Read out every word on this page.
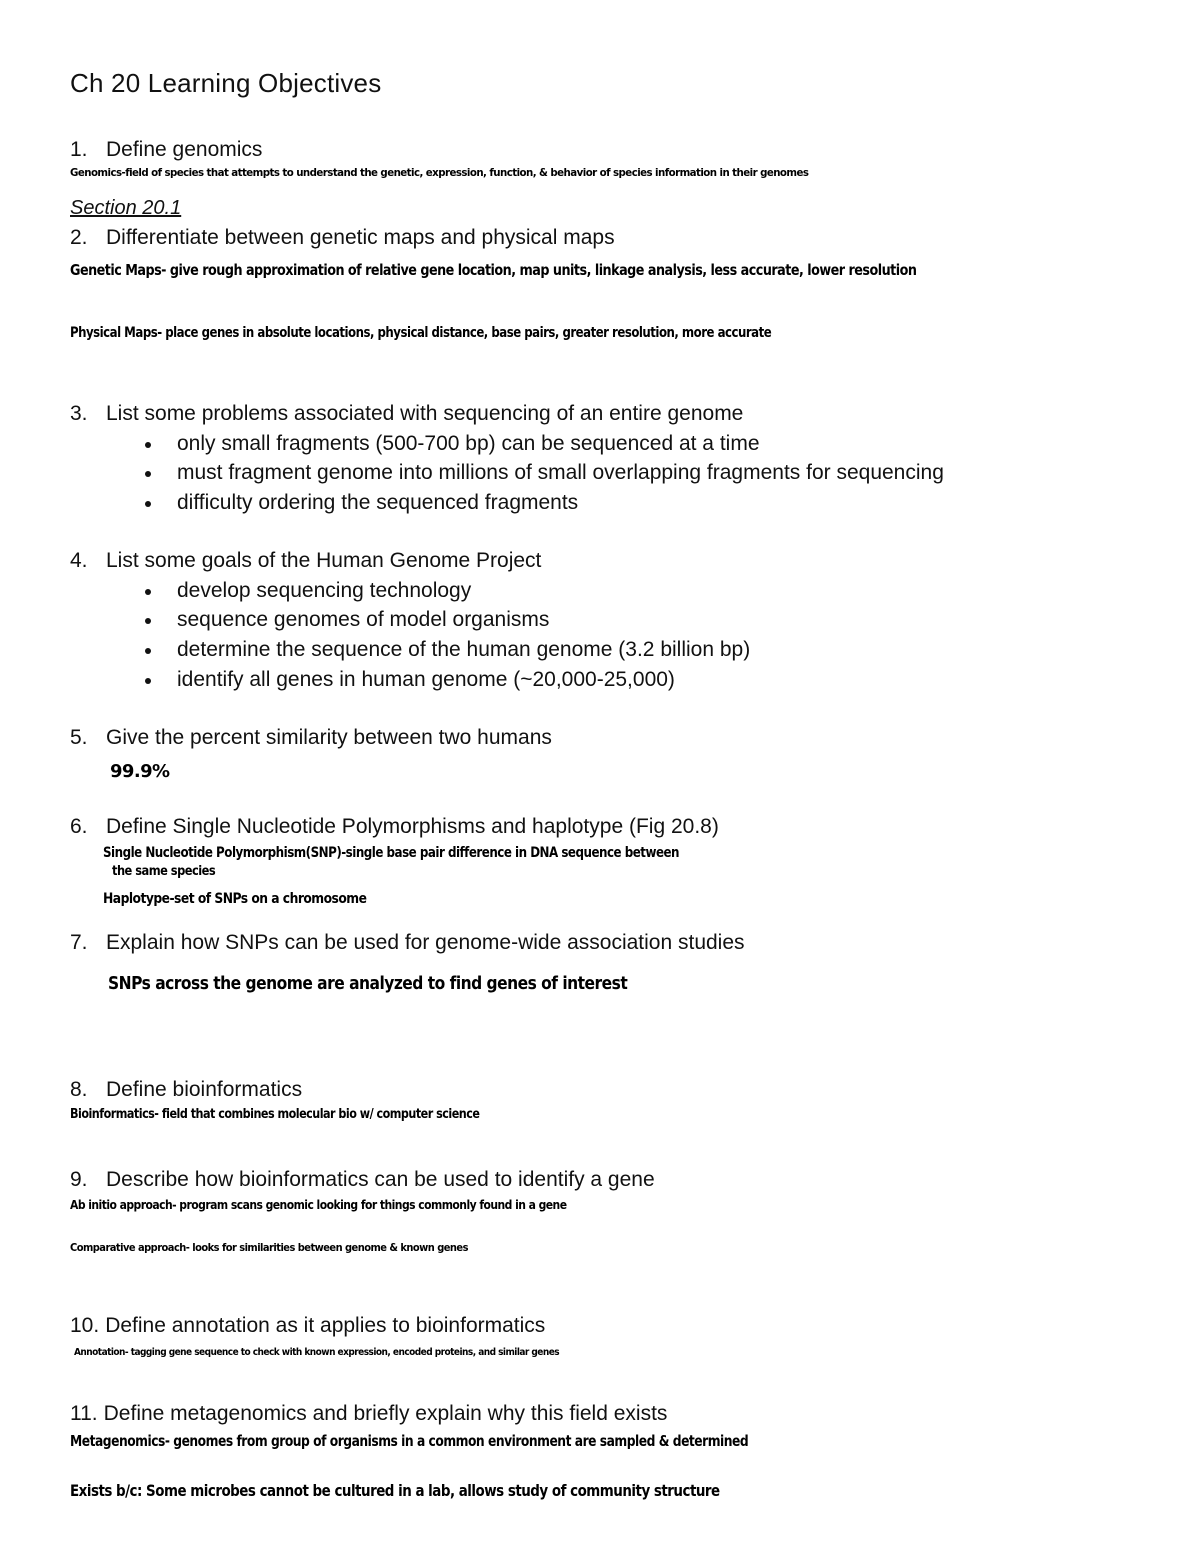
Ch 20 Learning Objectives
1. Define genomics
Genomics-field of species that attempts to understand the genetic, expression, function, & behavior of species information in their genomes
Section 20.1
2. Differentiate between genetic maps and physical maps
Genetic Maps- give rough approximation of relative gene location, map units, linkage analysis, less accurate, lower resolution
Physical Maps- place genes in absolute locations, physical distance, base pairs, greater resolution, more accurate
3. List some problems associated with sequencing of an entire genome
only small fragments (500-700 bp) can be sequenced at a time
must fragment genome into millions of small overlapping fragments for sequencing
difficulty ordering the sequenced fragments
4. List some goals of the Human Genome Project
develop sequencing technology
sequence genomes of model organisms
determine the sequence of the human genome (3.2 billion bp)
identify all genes in human genome (~20,000-25,000)
5. Give the percent similarity between two humans
99.9%
6. Define Single Nucleotide Polymorphisms and haplotype (Fig 20.8)
Single Nucleotide Polymorphism(SNP)-single base pair difference in DNA sequence between
the same species
Haplotype-set of SNPs on a chromosome
7. Explain how SNPs can be used for genome-wide association studies
SNPs across the genome are analyzed to find genes of interest
8. Define bioinformatics
Bioinformatics- field that combines molecular bio w/ computer science
9. Describe how bioinformatics can be used to identify a gene
Ab initio approach- program scans genomic looking for things commonly found in a gene
Comparative approach- looks for similarities between genome & known genes
10. Define annotation as it applies to bioinformatics
Annotation- tagging gene sequence to check with known expression, encoded proteins, and similar genes
11. Define metagenomics and briefly explain why this field exists
Metagenomics- genomes from group of organisms in a common environment are sampled & determined
Exists b/c: Some microbes cannot be cultured in a lab, allows study of community structure
